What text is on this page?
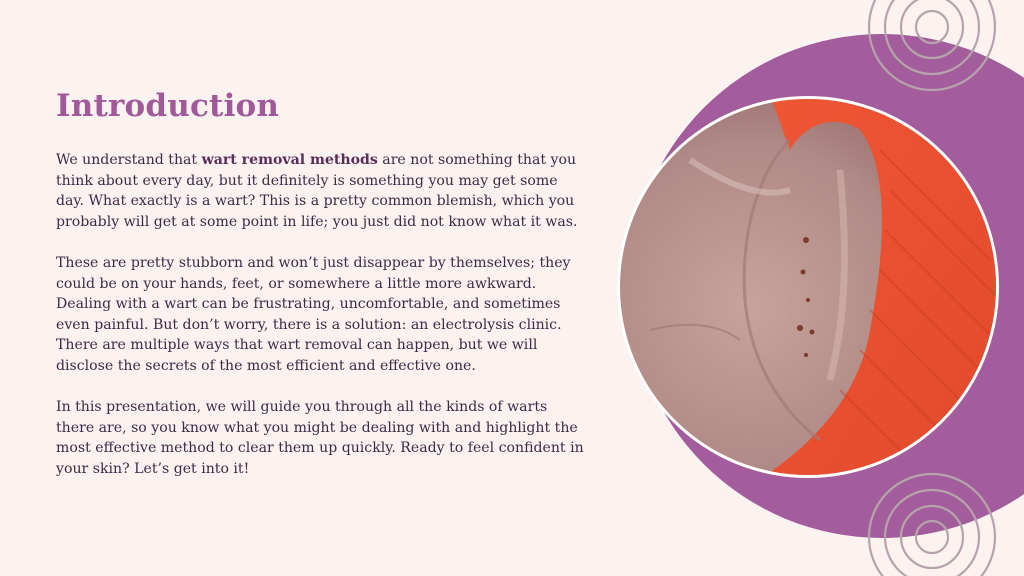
Introduction

We understand that wart removal methods are not something that you think about every day, but it definitely is something you may get some day. What exactly is a wart? This is a pretty common blemish, which you probably will get at some point in life; you just did not know what it was.

These are pretty stubborn and won’t just disappear by themselves; they could be on your hands, feet, or somewhere a little more awkward. Dealing with a wart can be frustrating, uncomfortable, and sometimes even painful. But don’t worry, there is a solution: an electrolysis clinic. There are multiple ways that wart removal can happen, but we will disclose the secrets of the most efficient and effective one.

In this presentation, we will guide you through all the kinds of warts there are, so you know what you might be dealing with and highlight the most effective method to clear them up quickly. Ready to feel confident in your skin? Let’s get into it!
